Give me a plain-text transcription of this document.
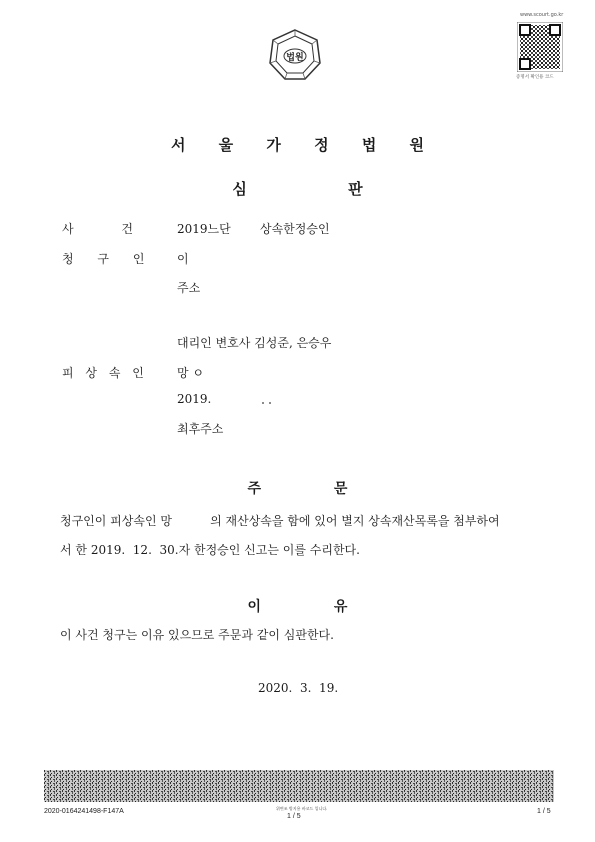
법원
www.scourt.go.kr
증명서 확인용 코드
서 울 가 정 법 원
심 판
사 건 2019느단 상속한정승인
청 구 인 이
주소
대리인 변호사 김성준, 은승우
피 상 속 인 망 ㅇ
2019.
최후주소
주 문
청구인이 피상속인 망          의 재산상속을 함에 있어 별지 상속재산목록을 첨부하여
서 한 2019.  12.  30.자 한정승인 신고는 이를 수리한다.
이 유
이 사건 청구는 이유 있으므로 주문과 같이 심판한다.
2020.  3.  19.
2020-0164241498-F147A	위변조 방지용 바코드 입니다.
1 / 5
1 / 5
